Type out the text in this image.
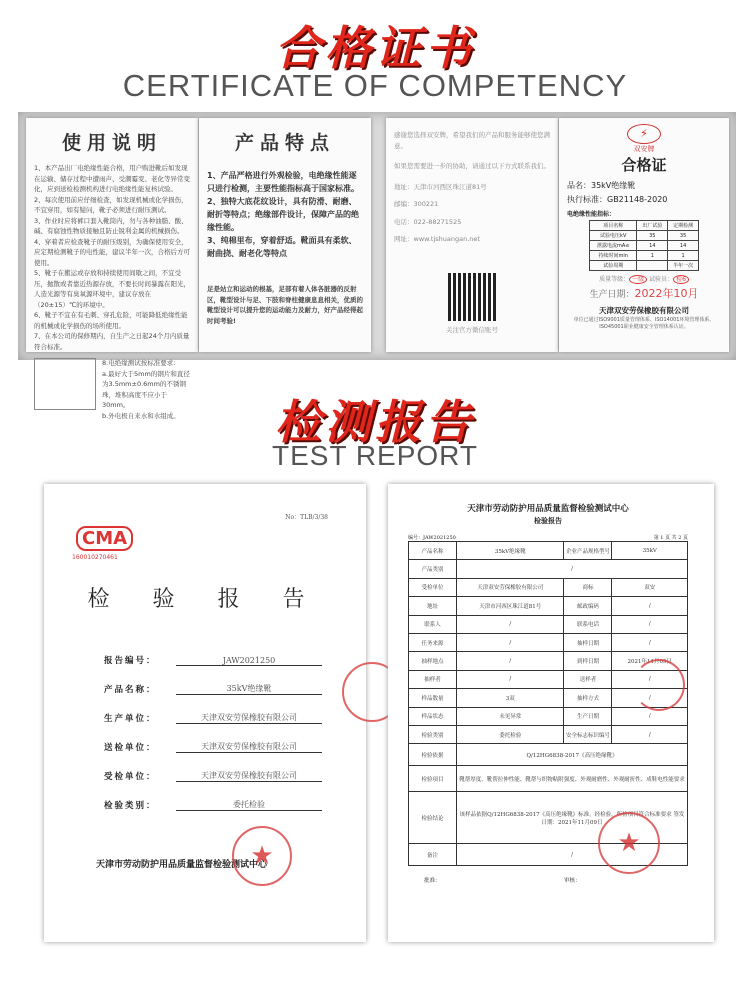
合格证书
CERTIFICATE OF COMPETENCY
使用说明
1、本产品出厂电绝缘性能合格，用户购进靴后如发现在运输、储存过程中遭雨声、受潮霉变、老化等异常变化，应到送检检测机构进行电绝缘性能复核试验。
2、每次使用前应仔细检查，如发现机械或化学损伤，不宜穿用，如有疑问，靴子必须进行耐压测试。
3、作业时应将裤口套入靴筒内，勿与各种油脂、酸、碱、有腐蚀性物质接触且防止锐利金属的机械损伤。
4、穿着者应检查靴子的耐压级别，为确保使用安全，应定期检测靴子的电性能，建议半年一次，合格后方可使用。
5、靴子在搬运或存放和持续使用间歇之间，不宜受压，抛散或者靠近热源存放，不要长时间暴露在阳光，人造光源等有臭氧源环境中，建议存放在（20±15）℃的环境中。
6、靴子不宜在有毛刺、穿孔危险，可能降低绝缘性能的机械或化学损伤的场所使用。
7、在本公司的保修期内，自生产之日起24个月内质量符合标准。
8.电绝缘测试按标准要求：
a.最好大于5mm的钢片和直径为3.5mm±0.6mm的不锈钢珠，堆积高度不应小于30mm。
b.外电极自来水和水组成。
产品特点
1、产品严格进行外观检验，电绝缘性能逐只进行检测，主要性能指标高于国家标准。
2、独特大底花纹设计，具有防滑、耐磨、耐折等特点；绝缘部件设计，保障产品的绝缘性能。
3、纯棉里布，穿着舒适。靴面具有柔软、耐曲挠、耐老化等特点
足是站立和运动的根基，足部有着人体各脏器的反射区，靴型设计与足、下肢和脊柱健康息息相关，优质的靴型设计可以提升您的运动能力及耐力，好产品经得起时间考验!
感谢您选择双安牌，希望我们的产品和服务能够使您满意。
如果您需要进一步的协助，请通过以下方式联系我们。
地址：天津市河西区珠江道81号
邮编：300221
电话：022-88271525
网址：www.tjshuangan.net
关注官方微信账号
⚡
双安牌
合格证
品名：35kV绝缘靴
执行标准：GB21148-2020
电绝缘性能指标：
项目名称	出厂试验	定期检测
试验电压kV	35	35
泄露电流mA≤	14	14
持续时间min	1	1
试验周期		半年一次
质量等级： 一级 试验员： 检6
生产日期：2022年10月
天津双安劳保橡胶有限公司
单位已通过ISO9001质量管理体系、ISO14001环境管理体系、ISO45001职业健康安全管理体系认证。
检测报告
TEST REPORT
No：TLB/3/38
CMA
160010270461
检 验 报 告
报告编号：	JAW2021250
产品名称：	35kV绝缘靴
生产单位：	天津双安劳保橡胶有限公司
送检单位：	天津双安劳保橡胶有限公司
受检单位：	天津双安劳保橡胶有限公司
检验类别：	委托检验
天津市劳动防护用品质量监督检验测试中心
★
天津市劳动防护用品质量监督检验测试中心
检验报告
编号：JAW2021250	第 1 页 共 2 页
产品名称	35kV绝缘靴	企业产品规格型号	35kV
产品类别	/		
受检单位	天津双安劳保橡胶有限公司	商标	双安
地址	天津市河西区珠江道81号	邮政编码	/
联系人	/	联系电话	/
任务来源	/	抽样日期	/
抽样地点	/	到样日期	2021年11月09日
抽样者	/	送样者	/
样品数量	3双	抽样方式	/
样品状态	未见异常	生产日期	/
检验类别	委托检验	安全标志标识编号	/
检验依据	Q/12HG6838-2017《高压绝缘靴》		
检验项目	靴帮厚度、靴帮拉伸性能、靴帮与织物粘附强度、外观耐磨性、外观耐折性、成鞋电性能要求		
检验结论	该样品依据Q/12HG6838-2017《高压绝缘靴》标准，经检验，所检项目符合标准要求 签发日期：2021年11月09日		
备注	/		
批准：	审核：
★
